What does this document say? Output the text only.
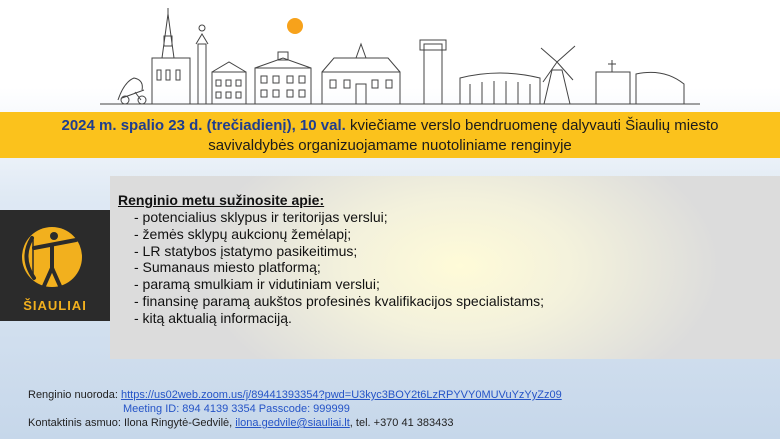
2024 m. spalio 23 d. (trečiadienį), 10 val. kviečiame verslo bendruomenę dalyvauti Šiaulių miesto
savivaldybės organizuojamame nuotoliniame renginyje
ŠIAULIAI
Renginio metu sužinosite apie:
- potencialius sklypus ir teritorijas verslui;
- žemės sklypų aukcionų žemėlapį;
- LR statybos įstatymo pasikeitimus;
- Sumanaus miesto platformą;
- paramą smulkiam ir vidutiniam verslui;
- finansinę paramą aukštos profesinės kvalifikacijos specialistams;
- kitą aktualią informaciją.
Renginio nuoroda: https://us02web.zoom.us/j/89441393354?pwd=U3kyc3BOY2t6LzRPYVY0MUVuYzYyZz09
Meeting ID: 894 4139 3354 Passcode: 999999
Kontaktinis asmuo: Ilona Ringytė-Gedvilė, ilona.gedvile@siauliai.lt, tel. +370 41 383433
